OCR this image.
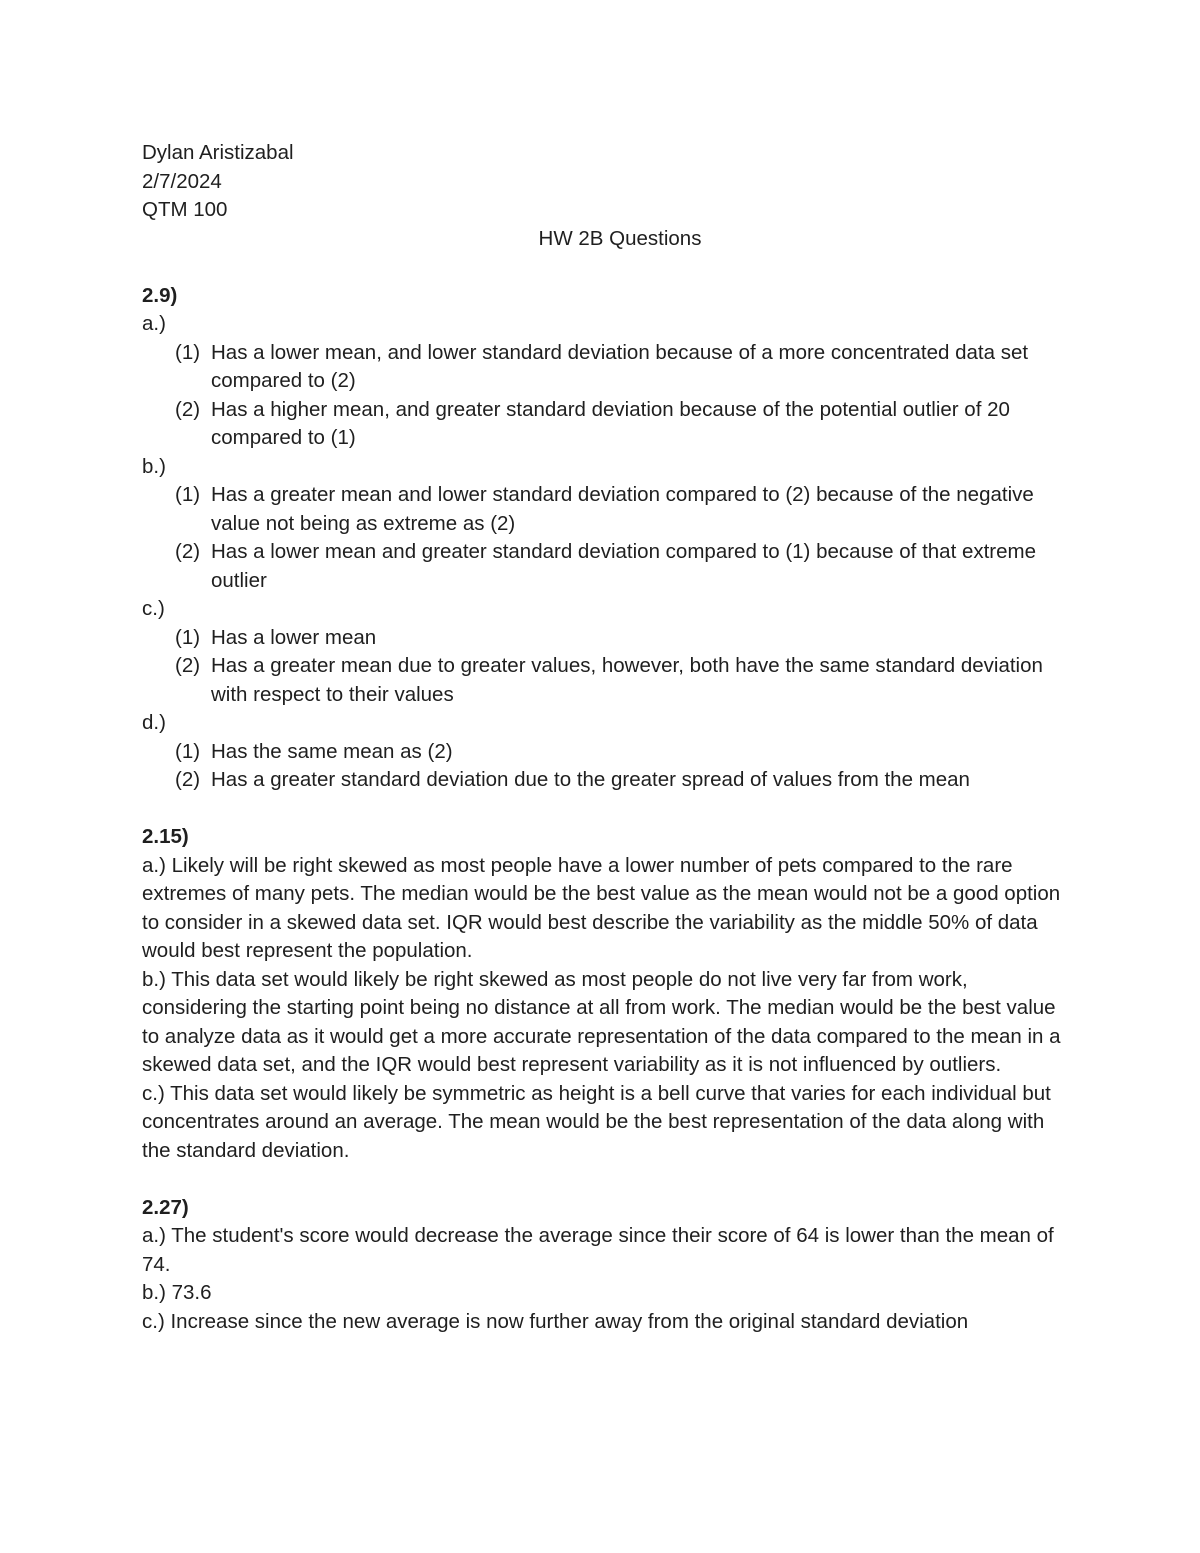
Dylan Aristizabal
2/7/2024
QTM 100
HW 2B Questions
2.9)
a.)
(1) Has a lower mean, and lower standard deviation because of a more concentrated data set compared to (2)
(2) Has a higher mean, and greater standard deviation because of the potential outlier of 20 compared to (1)
b.)
(1) Has a greater mean and lower standard deviation compared to (2) because of the negative value not being as extreme as (2)
(2) Has a lower mean and greater standard deviation compared to (1) because of that extreme outlier
c.)
(1) Has a lower mean
(2) Has a greater mean due to greater values, however, both have the same standard deviation with respect to their values
d.)
(1) Has the same mean as (2)
(2) Has a greater standard deviation due to the greater spread of values from the mean
2.15)
a.) Likely will be right skewed as most people have a lower number of pets compared to the rare extremes of many pets. The median would be the best value as the mean would not be a good option to consider in a skewed data set. IQR would best describe the variability as the middle 50% of data would best represent the population.
b.) This data set would likely be right skewed as most people do not live very far from work, considering the starting point being no distance at all from work. The median would be the best value to analyze data as it would get a more accurate representation of the data compared to the mean in a skewed data set, and the IQR would best represent variability as it is not influenced by outliers.
c.) This data set would likely be symmetric as height is a bell curve that varies for each individual but concentrates around an average. The mean would be the best representation of the data along with the standard deviation.
2.27)
a.) The student's score would decrease the average since their score of 64 is lower than the mean of 74.
b.) 73.6
c.) Increase since the new average is now further away from the original standard deviation
